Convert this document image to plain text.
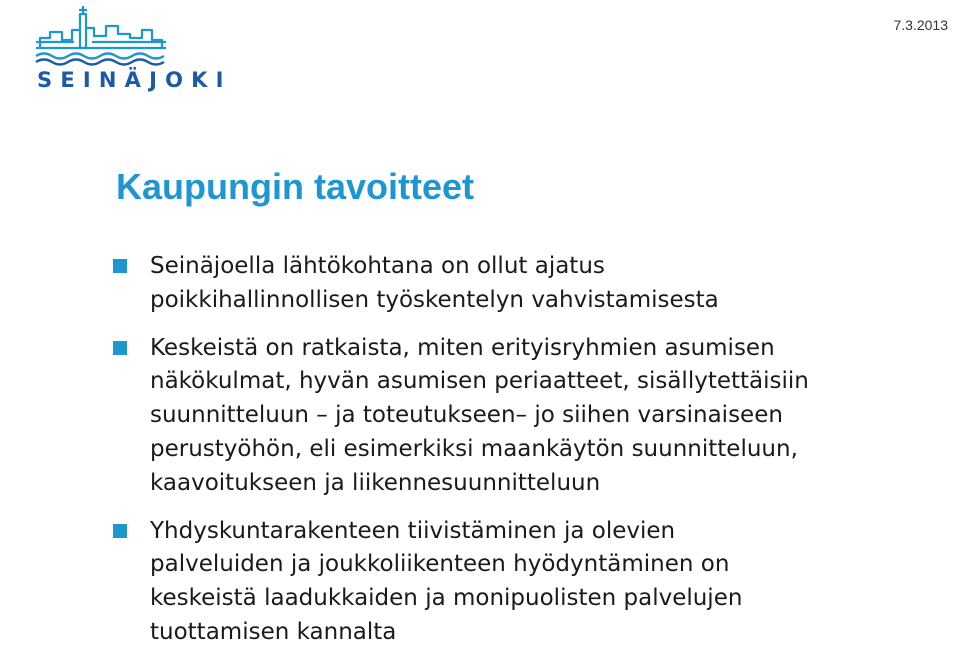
SEINÄJOKI
7.3.2013
Kaupungin tavoitteet
Seinäjoella lähtökohtana on ollut ajatus
poikkihallinnollisen työskentelyn vahvistamisesta
Keskeistä on ratkaista, miten erityisryhmien asumisen
näkökulmat, hyvän asumisen periaatteet, sisällytettäisiin
suunnitteluun – ja toteutukseen– jo siihen varsinaiseen
perustyöhön, eli esimerkiksi maankäytön suunnitteluun,
kaavoitukseen ja liikennesuunnitteluun
Yhdyskuntarakenteen tiivistäminen ja olevien
palveluiden ja joukkoliikenteen hyödyntäminen on
keskeistä laadukkaiden ja monipuolisten palvelujen
tuottamisen kannalta
